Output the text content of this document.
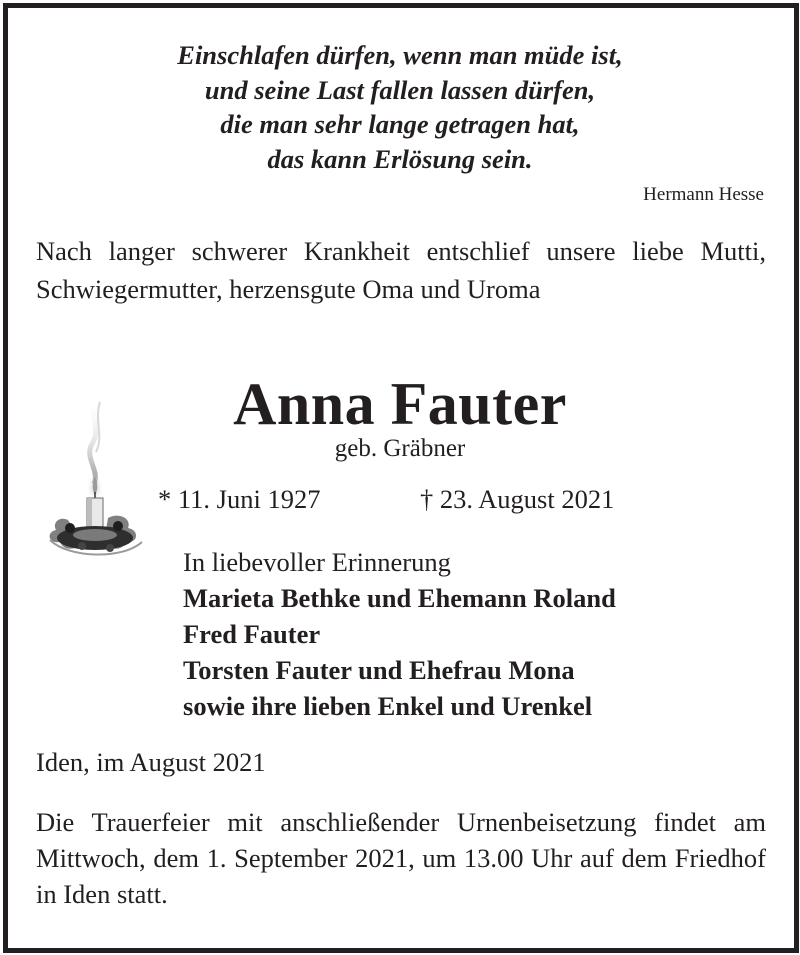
Einschlafen dürfen, wenn man müde ist,
und seine Last fallen lassen dürfen,
die man sehr lange getragen hat,
das kann Erlösung sein.
Hermann Hesse
Nach langer schwerer Krankheit entschlief unsere liebe Mutti, Schwiegermutter, herzensgute Oma und Uroma
Anna Fauter
geb. Gräbner
* 11. Juni 1927	† 23. August 2021
In liebevoller Erinnerung
Marieta Bethke und Ehemann Roland
Fred Fauter
Torsten Fauter und Ehefrau Mona
sowie ihre lieben Enkel und Urenkel
Iden, im August 2021
Die Trauerfeier mit anschließender Urnenbeisetzung findet am Mittwoch, dem 1. September 2021, um 13.00 Uhr auf dem Friedhof in Iden statt.
